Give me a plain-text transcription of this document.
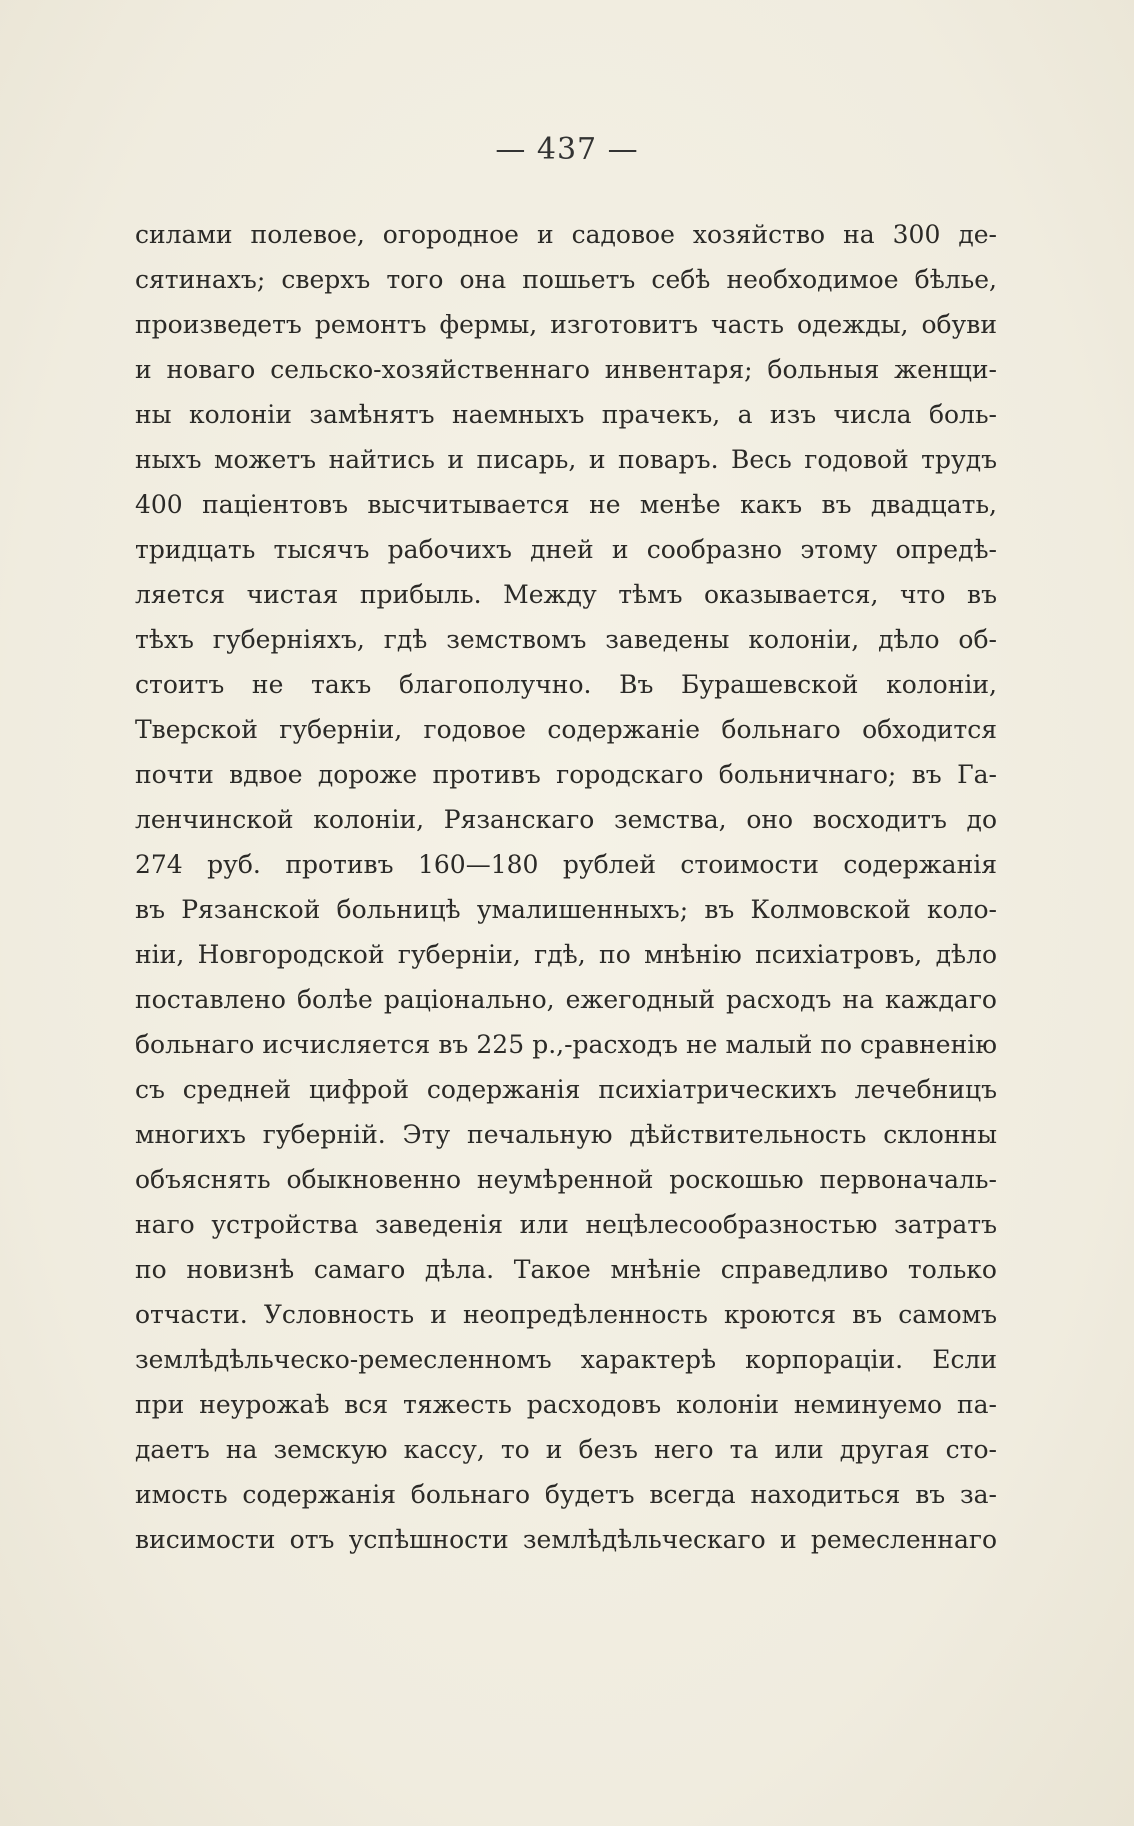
— 437 —
силами полевое, огородное и садовое хозяйство на 300 де-
сятинахъ; сверхъ того она пошьетъ себѣ необходимое бѣлье,
произведетъ ремонтъ фермы, изготовитъ часть одежды, обуви
и новаго сельско-хозяйственнаго инвентаря; больныя женщи-
ны колоніи замѣнятъ наемныхъ прачекъ, а изъ числа боль-
ныхъ можетъ найтись и писарь, и поваръ. Весь годовой трудъ
400 паціентовъ высчитывается не менѣе какъ въ двадцать,
тридцать тысячъ рабочихъ дней и сообразно этому опредѣ-
ляется чистая прибыль. Между тѣмъ оказывается, что въ
тѣхъ губерніяхъ, гдѣ земствомъ заведены колоніи, дѣло об-
стоитъ не такъ благополучно. Въ Бурашевской колоніи,
Тверской губерніи, годовое содержаніе больнаго обходится
почти вдвое дороже противъ городскаго больничнаго; въ Га-
ленчинской колоніи, Рязанскаго земства, оно восходитъ до
274 руб. противъ 160—180 рублей стоимости содержанія
въ Рязанской больницѣ умалишенныхъ; въ Колмовской коло-
ніи, Новгородской губерніи, гдѣ, по мнѣнію психіатровъ, дѣло
поставлено болѣе раціонально, ежегодный расходъ на каждаго
больнаго исчисляется въ 225 р.,-расходъ не малый по сравненію
съ средней цифрой содержанія психіатрическихъ лечебницъ
многихъ губерній. Эту печальную дѣйствительность склонны
объяснять обыкновенно неумѣренной роскошью первоначаль-
наго устройства заведенія или нецѣлесообразностью затратъ
по новизнѣ самаго дѣла. Такое мнѣніе справедливо только
отчасти. Условность и неопредѣленность кроются въ самомъ
землѣдѣльческо-ремесленномъ характерѣ корпораціи. Если
при неурожаѣ вся тяжесть расходовъ колоніи неминуемо па-
даетъ на земскую кассу, то и безъ него та или другая сто-
имость содержанія больнаго будетъ всегда находиться въ за-
висимости отъ успѣшности землѣдѣльческаго и ремесленнаго
